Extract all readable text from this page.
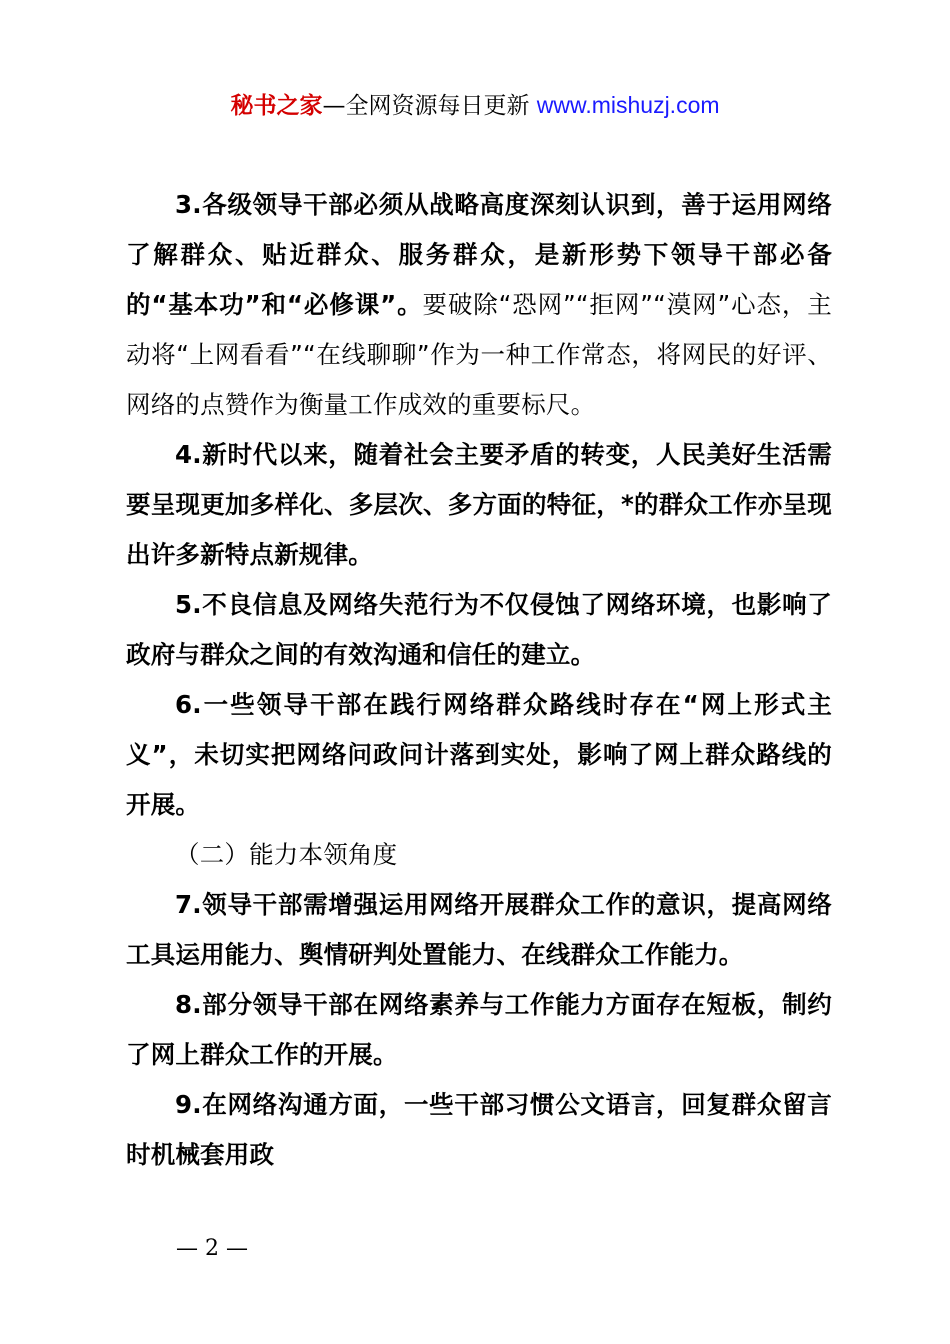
秘书之家—全网资源每日更新 www.mishuzj.com

3.各级领导干部必须从战略高度深刻认识到，善于运用网络了解群众、贴近群众、服务群众，是新形势下领导干部必备的“基本功”和“必修课”。要破除“恐网”“拒网”“漠网”心态，主动将“上网看看”“在线聊聊”作为一种工作常态，将网民的好评、网络的点赞作为衡量工作成效的重要标尺。

4.新时代以来，随着社会主要矛盾的转变，人民美好生活需要呈现更加多样化、多层次、多方面的特征，*的群众工作亦呈现出许多新特点新规律。

5.不良信息及网络失范行为不仅侵蚀了网络环境，也影响了政府与群众之间的有效沟通和信任的建立。

6.一些领导干部在践行网络群众路线时存在“网上形式主义”，未切实把网络问政问计落到实处，影响了网上群众路线的开展。

（二）能力本领角度

7.领导干部需增强运用网络开展群众工作的意识，提高网络工具运用能力、舆情研判处置能力、在线群众工作能力。

8.部分领导干部在网络素养与工作能力方面存在短板，制约了网上群众工作的开展。

9.在网络沟通方面，一些干部习惯公文语言，回复群众留言时机械套用政

— 2 —
